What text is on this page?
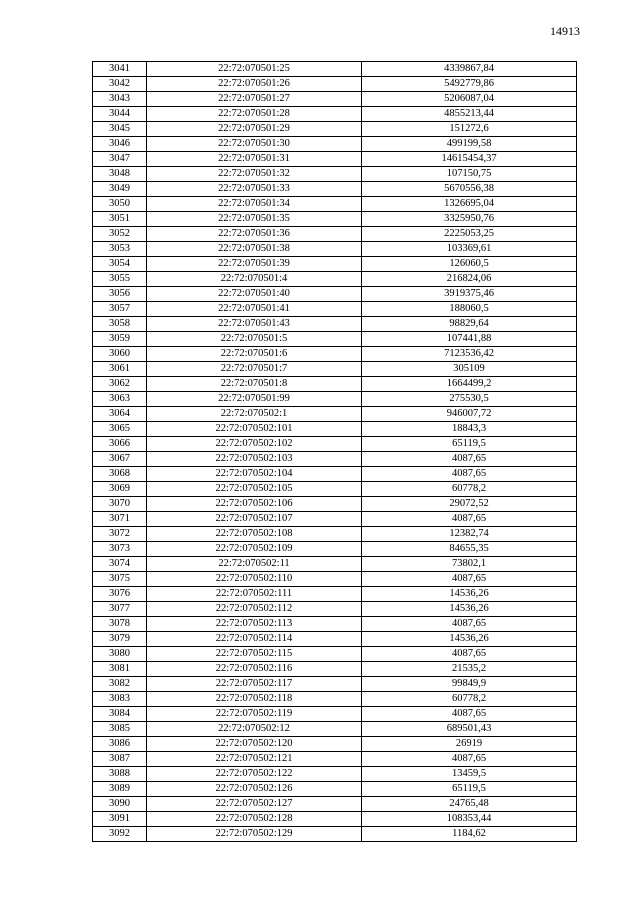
14913
3041	22:72:070501:25	4339867,84
3042	22:72:070501:26	5492779,86
3043	22:72:070501:27	5206087,04
3044	22:72:070501:28	4855213,44
3045	22:72:070501:29	151272,6
3046	22:72:070501:30	499199,58
3047	22:72:070501:31	14615454,37
3048	22:72:070501:32	107150,75
3049	22:72:070501:33	5670556,38
3050	22:72:070501:34	1326695,04
3051	22:72:070501:35	3325950,76
3052	22:72:070501:36	2225053,25
3053	22:72:070501:38	103369,61
3054	22:72:070501:39	126060,5
3055	22:72:070501:4	216824,06
3056	22:72:070501:40	3919375,46
3057	22:72:070501:41	188060,5
3058	22:72:070501:43	98829,64
3059	22:72:070501:5	107441,88
3060	22:72:070501:6	7123536,42
3061	22:72:070501:7	305109
3062	22:72:070501:8	1664499,2
3063	22:72:070501:99	275530,5
3064	22:72:070502:1	946007,72
3065	22:72:070502:101	18843,3
3066	22:72:070502:102	65119,5
3067	22:72:070502:103	4087,65
3068	22:72:070502:104	4087,65
3069	22:72:070502:105	60778,2
3070	22:72:070502:106	29072,52
3071	22:72:070502:107	4087,65
3072	22:72:070502:108	12382,74
3073	22:72:070502:109	84655,35
3074	22:72:070502:11	73802,1
3075	22:72:070502:110	4087,65
3076	22:72:070502:111	14536,26
3077	22:72:070502:112	14536,26
3078	22:72:070502:113	4087,65
3079	22:72:070502:114	14536,26
3080	22:72:070502:115	4087,65
3081	22:72:070502:116	21535,2
3082	22:72:070502:117	99849,9
3083	22:72:070502:118	60778,2
3084	22:72:070502:119	4087,65
3085	22:72:070502:12	689501,43
3086	22:72:070502:120	26919
3087	22:72:070502:121	4087,65
3088	22:72:070502:122	13459,5
3089	22:72:070502:126	65119,5
3090	22:72:070502:127	24765,48
3091	22:72:070502:128	108353,44
3092	22:72:070502:129	1184,62
